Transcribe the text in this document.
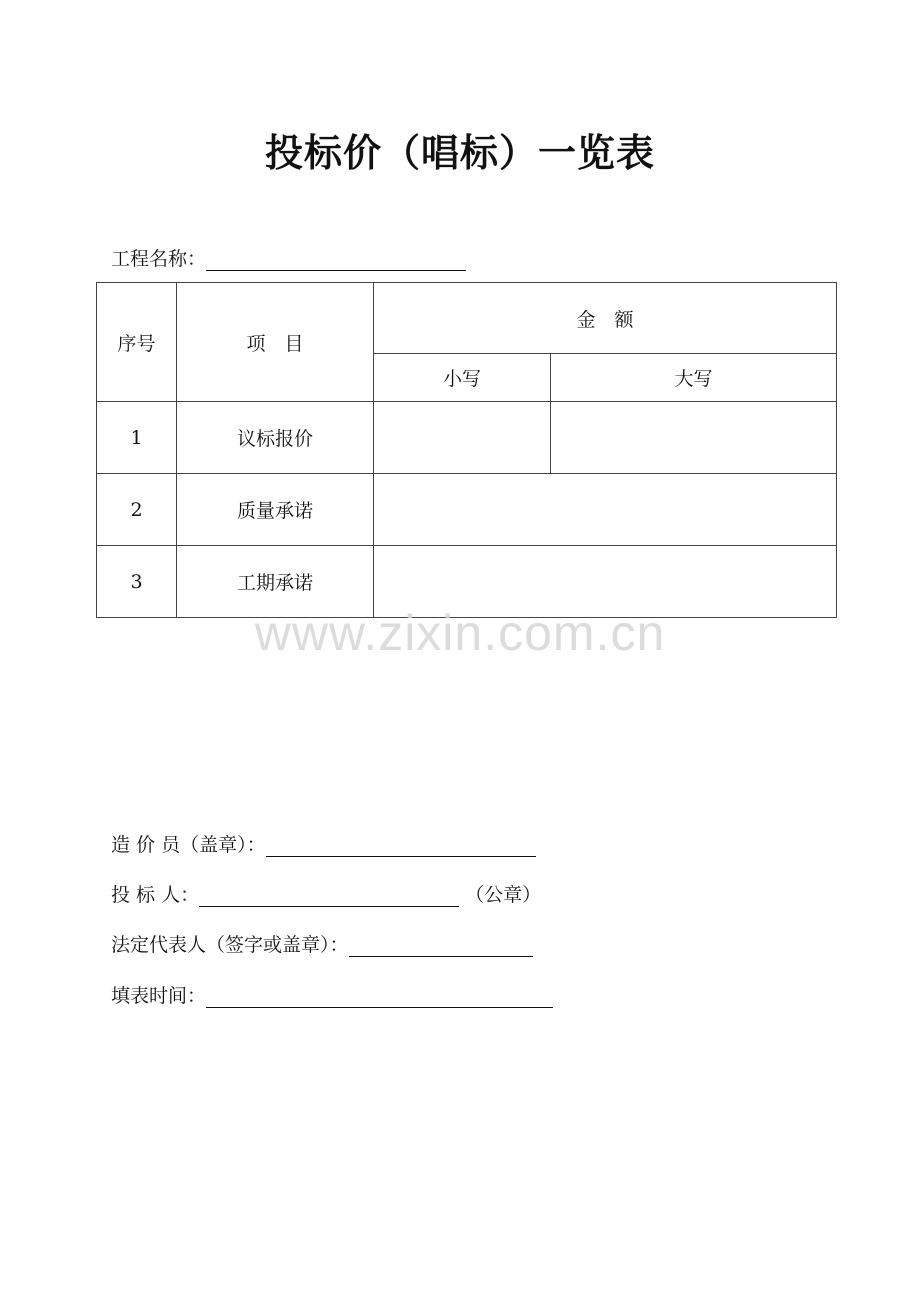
投标价（唱标）一览表
工程名称：
序号	项　目	金　额	
		小写	大写
1	议标报价		
2	质量承诺		
3	工期承诺		
www.zixin.com.cn
造 价 员（盖章）：
投 标 人：	（公章）
法定代表人（签字或盖章）：
填表时间：
